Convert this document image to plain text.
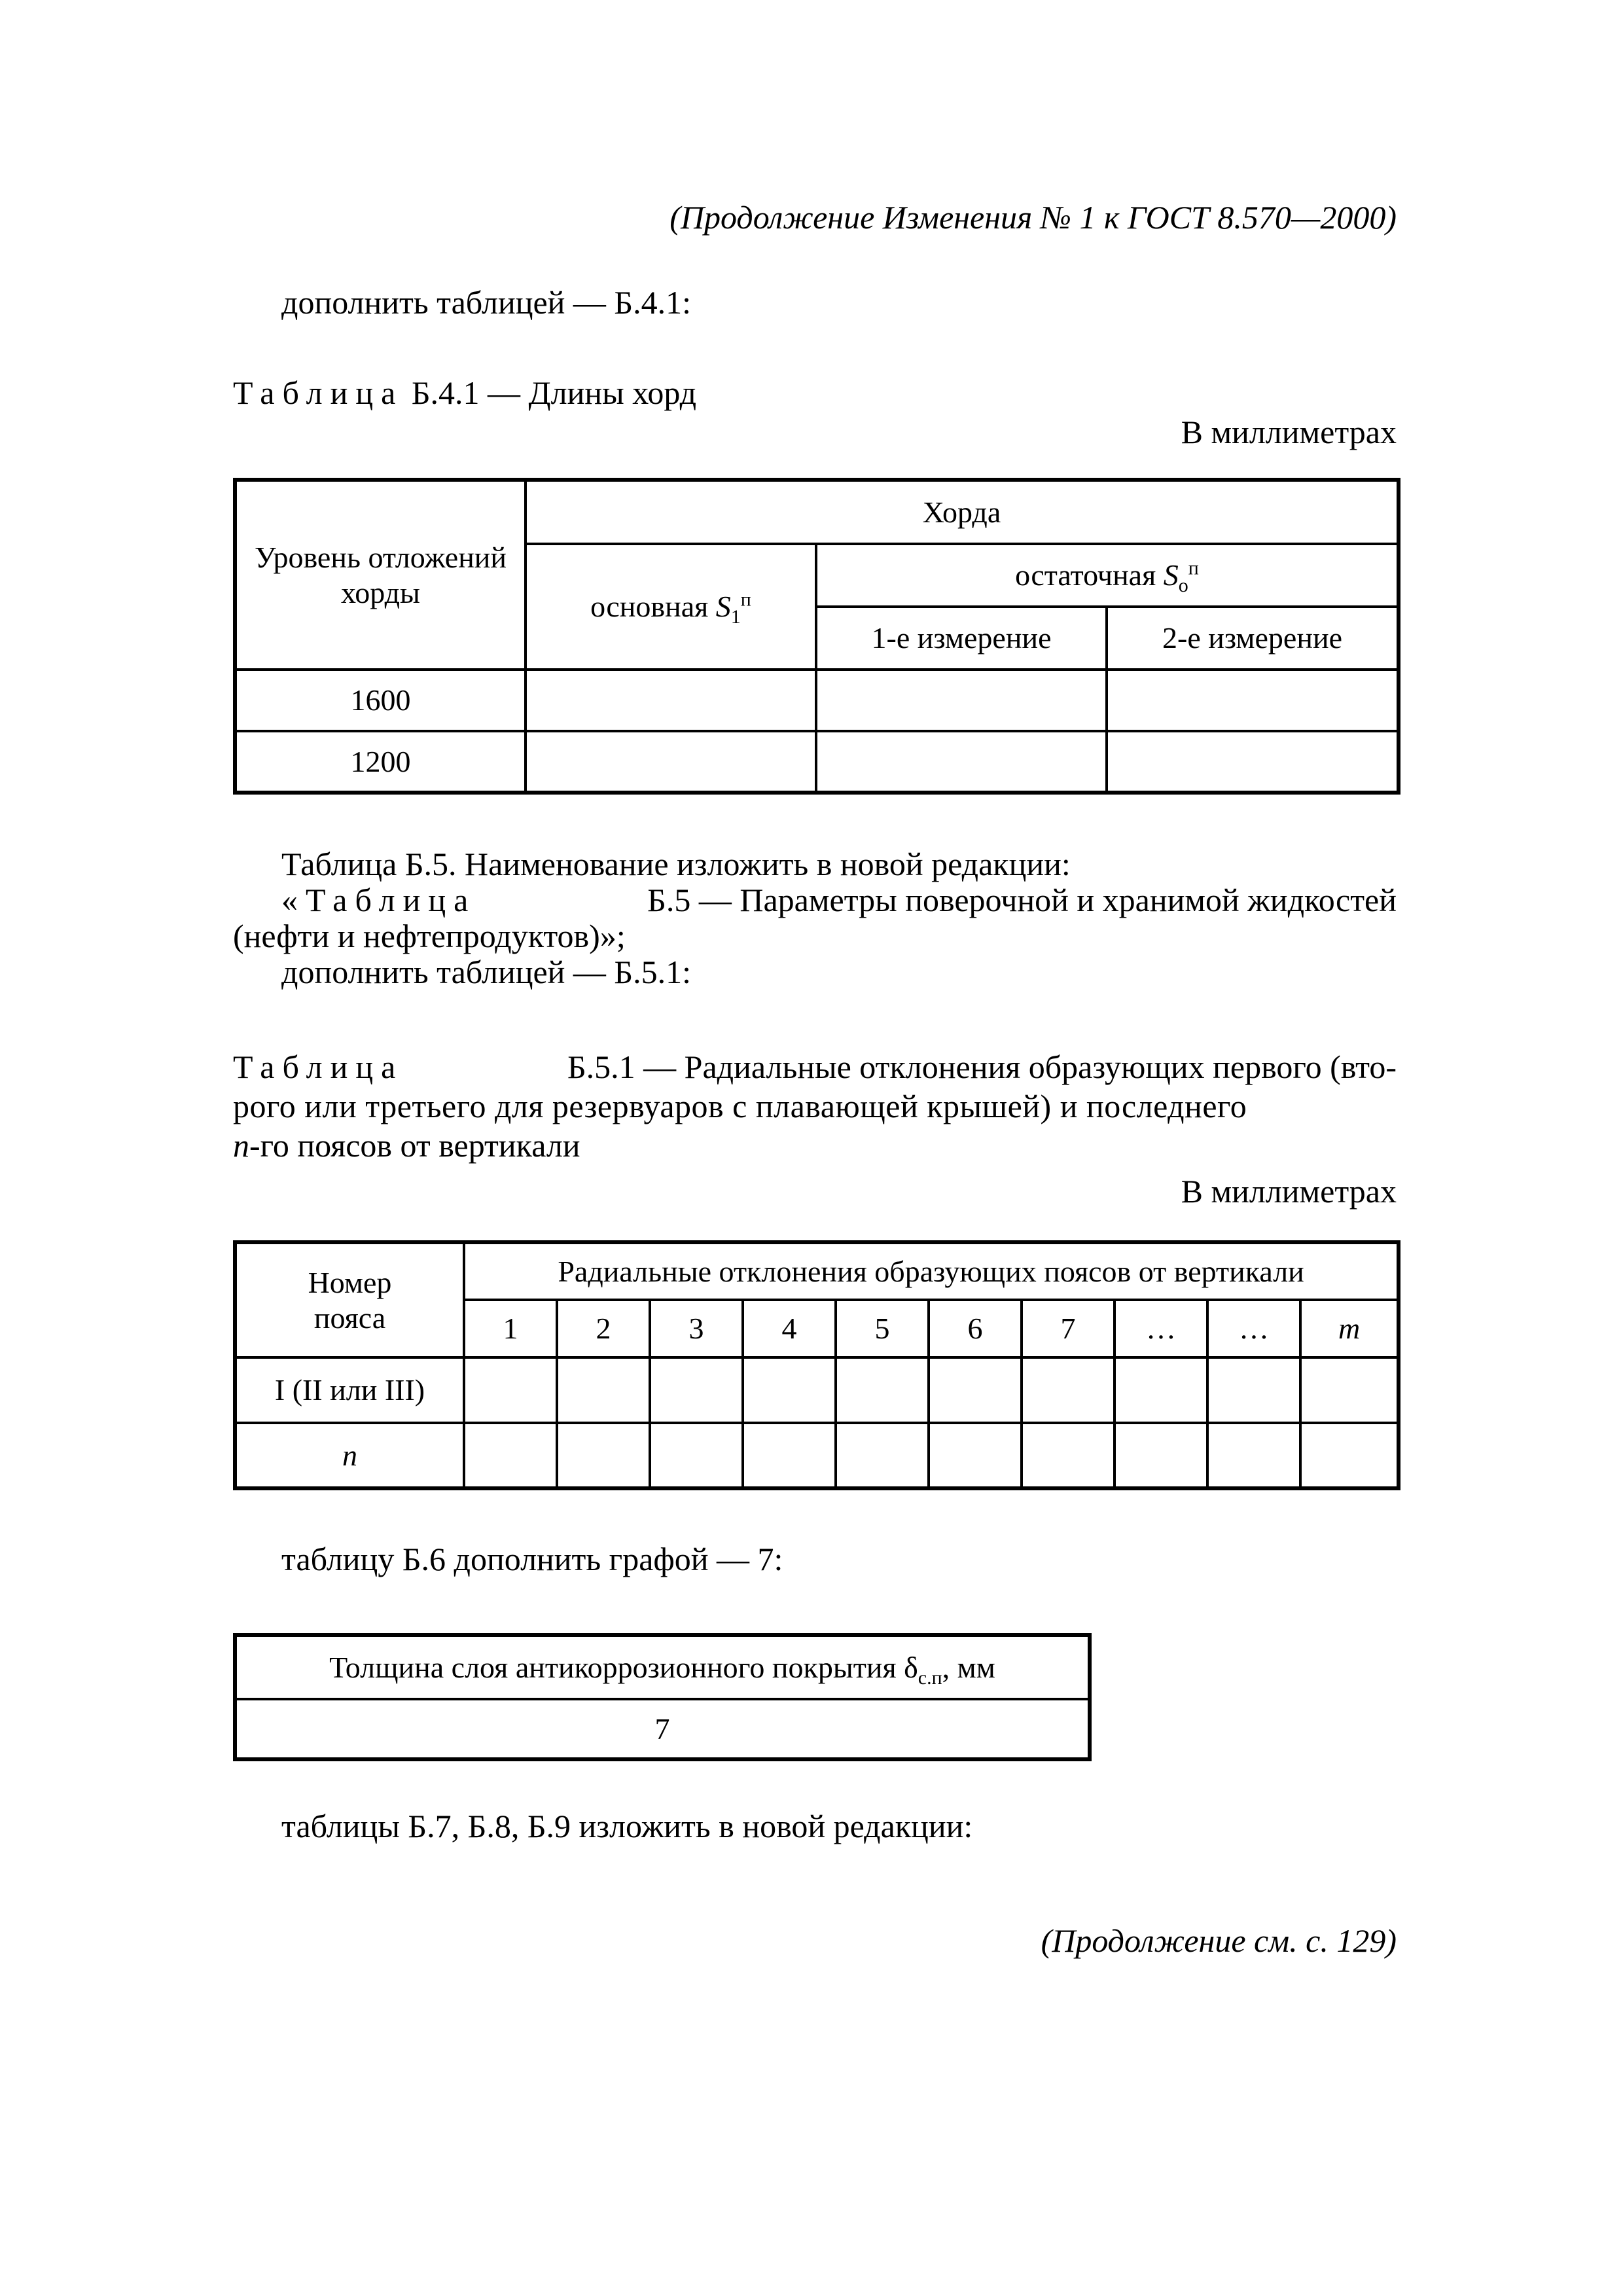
(Продолжение Изменения № 1 к ГОСТ 8.570—2000)
дополнить таблицей — Б.4.1:
Таблица Б.4.1 — Длины хорд
В миллиметрах
Уровень отложений хорды	Хорда		
	основная $S_1^п$	остаточная $S_о^п$
		1-е измерение	2-е измерение
1600			
1200			
Таблица Б.5. Наименование изложить в новой редакции:
«Таблица	Б.5 — Параметры поверочной и хранимой жидкостей
(нефти и нефтепродуктов)»;
дополнить таблицей — Б.5.1:
Таблица	Б.5.1 — Радиальные отклонения образующих первого (вто-
рого или третьего для резервуаров с плавающей крышей) и последнего
n-го поясов от вертикали
В миллиметрах
Номер пояса	Радиальные отклонения образующих поясов от вертикали									
	1	2	3	4	5	6	7	…	…	m
I (II или III)										
n										
таблицу Б.6 дополнить графой — 7:
Толщина слоя антикоррозионного покрытия $\delta_{с.п}$, мм
7
таблицы Б.7, Б.8, Б.9 изложить в новой редакции:
(Продолжение см. с. 129)
